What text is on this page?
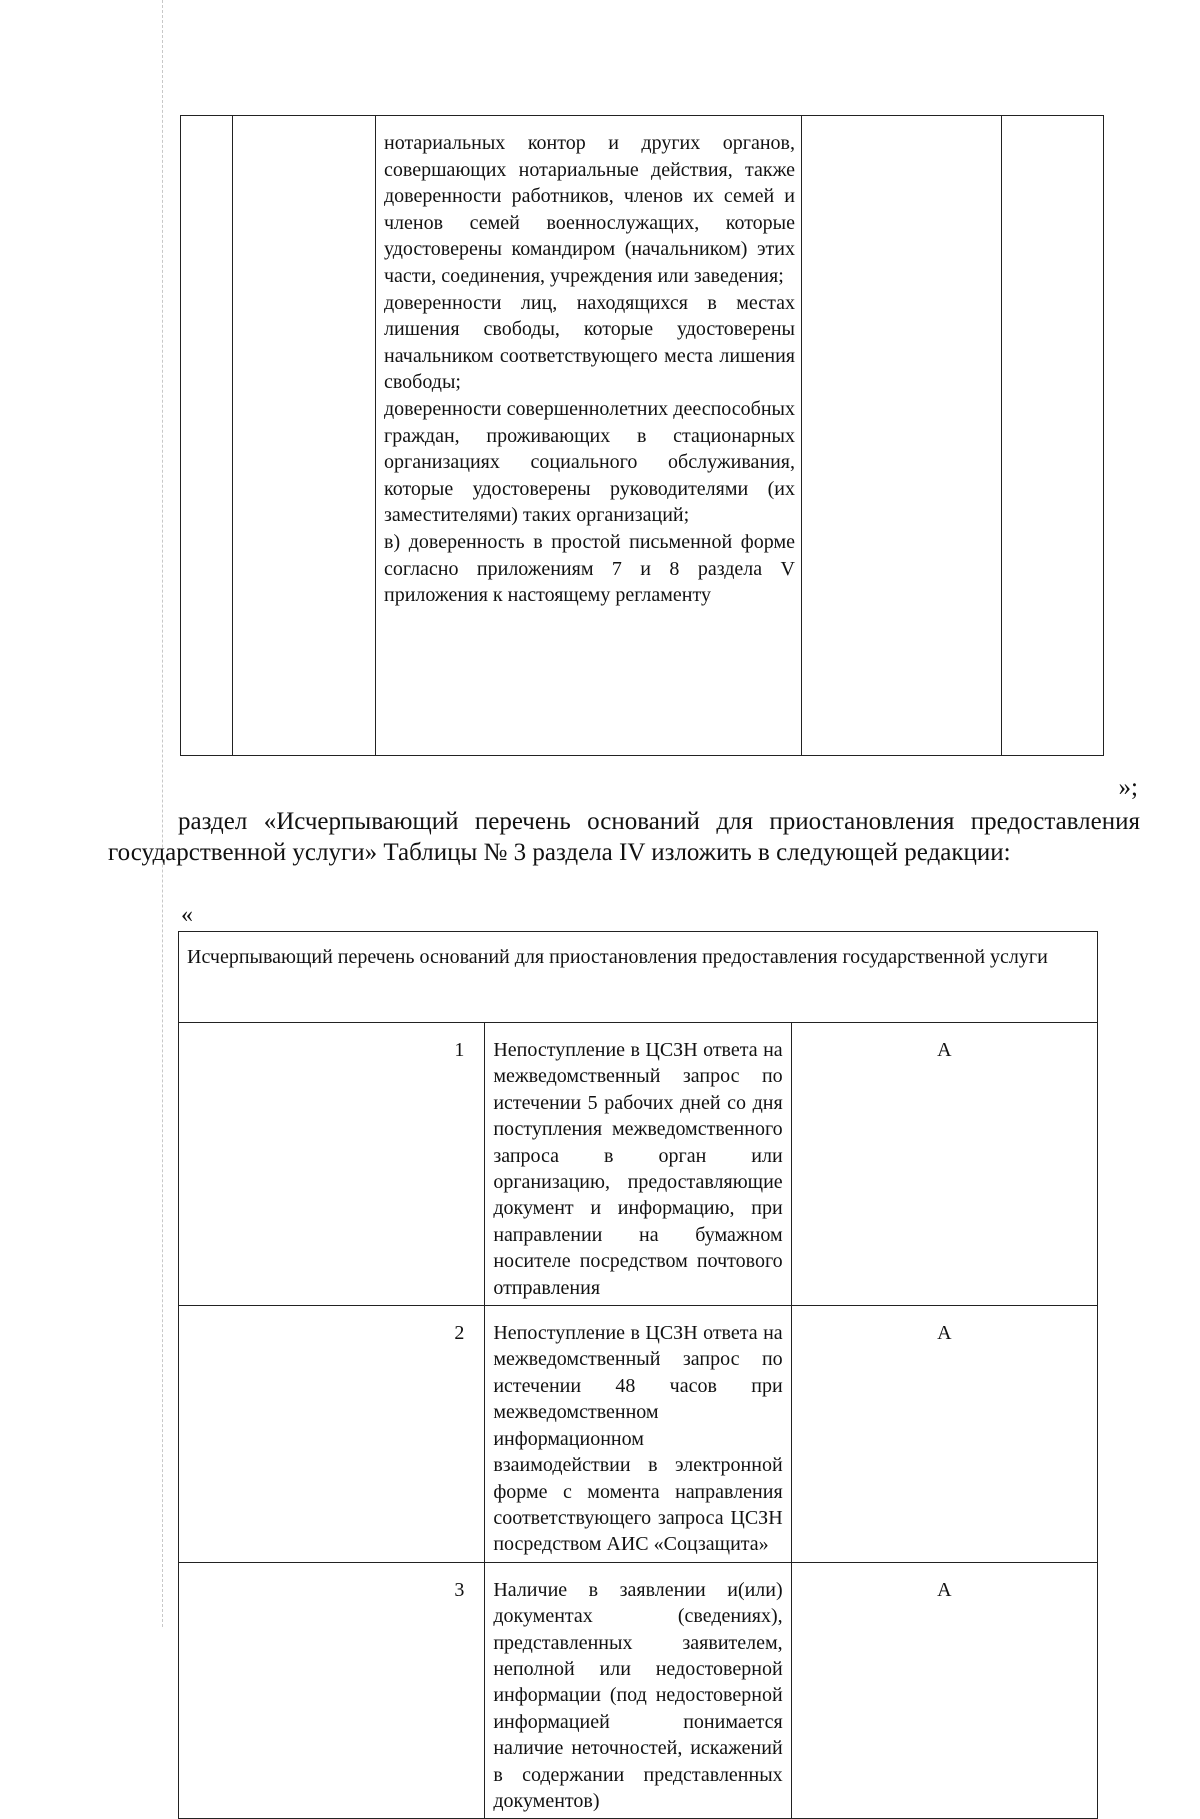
нотариальных контор и других органов, совершающих нотариальные действия, также доверенности работников, членов их семей и членов семей военнослужащих, которые удостоверены командиром (начальником) этих части, соединения, учреждения или заведения;

доверенности лиц, находящихся в местах лишения свободы, которые удостоверены начальником соответствующего места лишения свободы;

доверенности совершеннолетних дееспособных граждан, проживающих в стационарных организациях социального обслуживания, которые удостоверены руководителями (их заместителями) таких организаций;

в) доверенность в простой письменной форме согласно приложениям 7 и 8 раздела V приложения к настоящему регламенту

»;
раздел «Исчерпывающий перечень оснований для приостановления предоставления государственной услуги» Таблицы № 3 раздела IV изложить в следующей редакции:
«
Исчерпывающий перечень оснований для приостановления предоставления государственной услуги		
1	Непоступление в ЦСЗН ответа на межведомственный запрос по истечении 5 рабочих дней со дня поступления межведомственного запроса в орган или организацию, предоставляющие документ и информацию, при направлении на бумажном носителе посредством почтового отправления	А
2	Непоступление в ЦСЗН ответа на межведомственный запрос по истечении 48 часов при межведомственном информационном взаимодействии в электронной форме с момента направления соответствующего запроса ЦСЗН посредством АИС «Соцзащита»	А
3	Наличие в заявлении и(или) документах (сведениях), представленных заявителем, неполной или недостоверной информации (под недостоверной информацией понимается наличие неточностей, искажений в содержании представленных документов)	А
